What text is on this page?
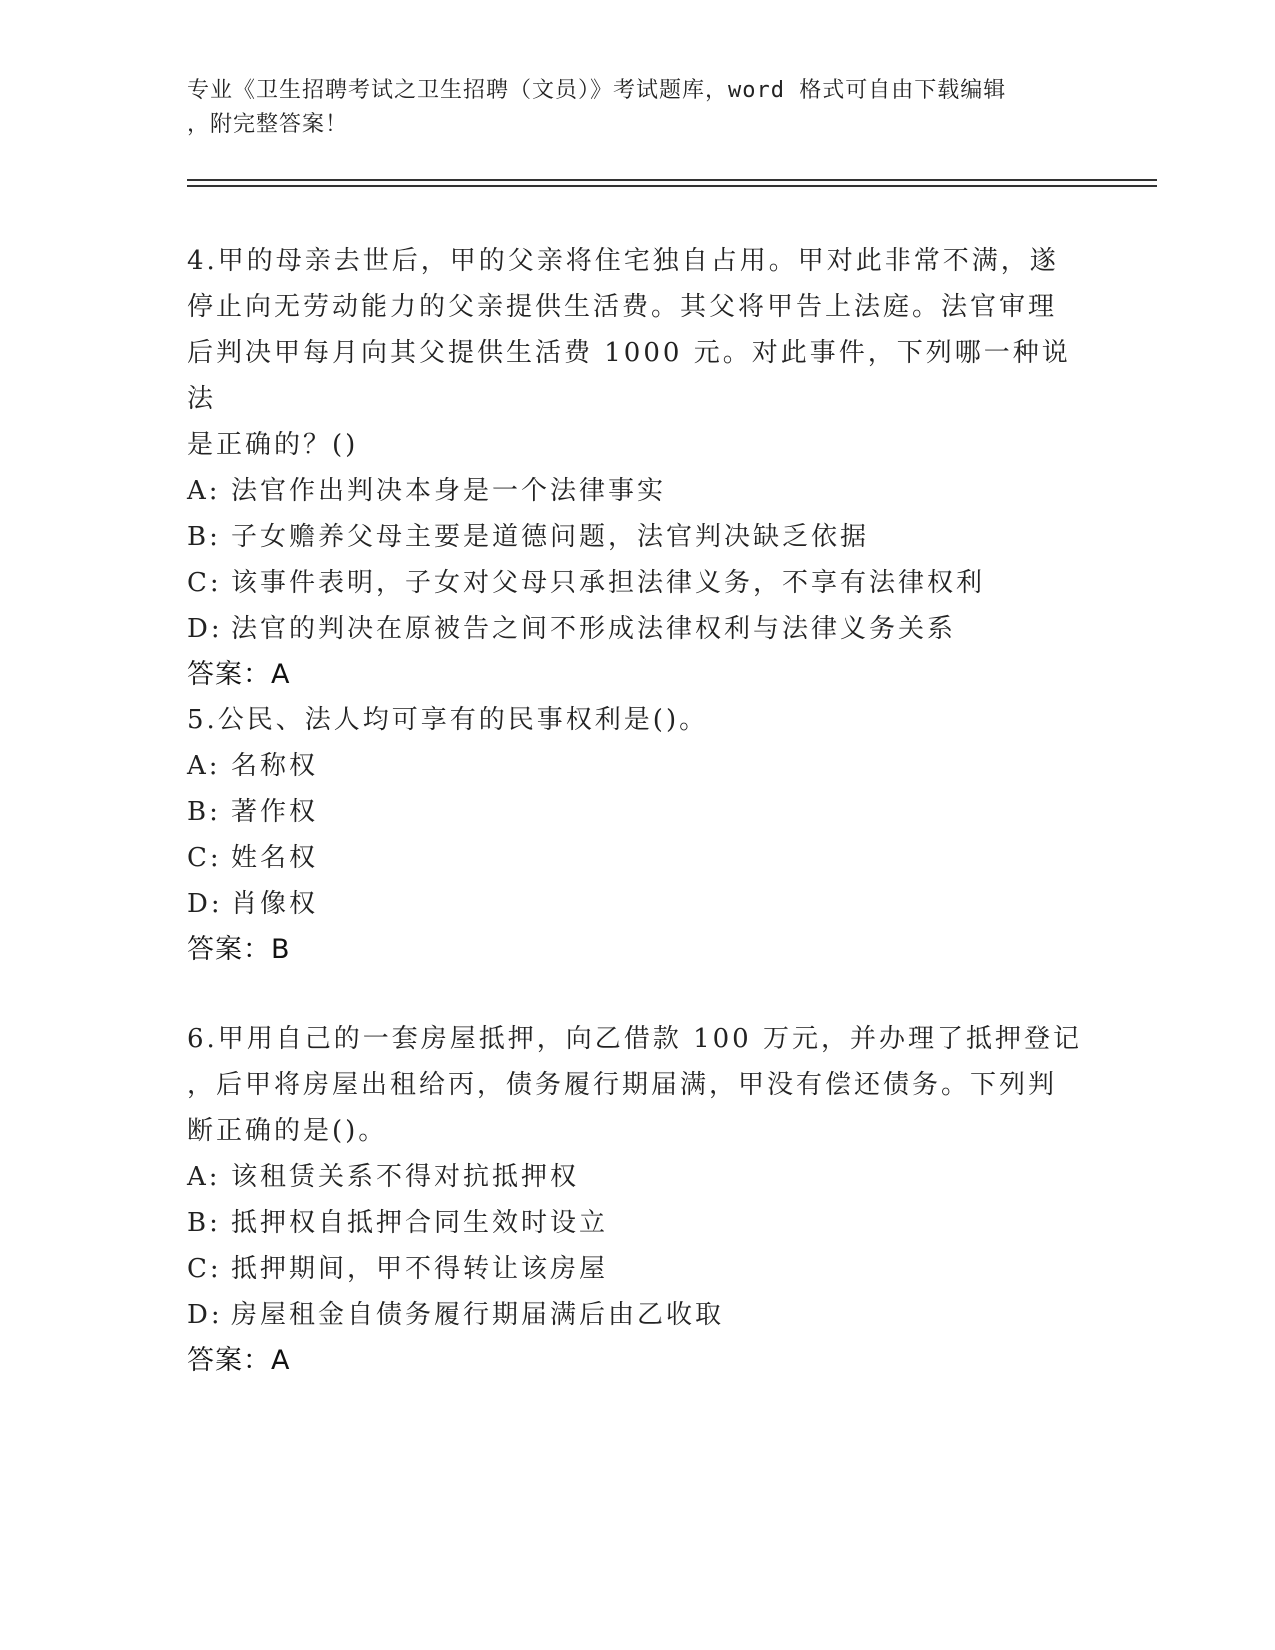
专业《卫生招聘考试之卫生招聘（文员）》考试题库，word 格式可自由下载编辑
，附完整答案！

4.甲的母亲去世后，甲的父亲将住宅独自占用。甲对此非常不满，遂

停止向无劳动能力的父亲提供生活费。其父将甲告上法庭。法官审理

后判决甲每月向其父提供生活费 1000 元。对此事件，下列哪一种说法

是正确的？()

A: 法官作出判决本身是一个法律事实
B: 子女赡养父母主要是道德问题，法官判决缺乏依据
C: 该事件表明，子女对父母只承担法律义务，不享有法律权利
D: 法官的判决在原被告之间不形成法律权利与法律义务关系

答案：A

5.公民、法人均可享有的民事权利是()。

A: 名称权
B: 著作权
C: 姓名权
D: 肖像权

答案：B

6.甲用自己的一套房屋抵押，向乙借款 100 万元，并办理了抵押登记

，后甲将房屋出租给丙，债务履行期届满，甲没有偿还债务。下列判

断正确的是()。

A: 该租赁关系不得对抗抵押权
B: 抵押权自抵押合同生效时设立
C: 抵押期间，甲不得转让该房屋
D: 房屋租金自债务履行期届满后由乙收取

答案：A
